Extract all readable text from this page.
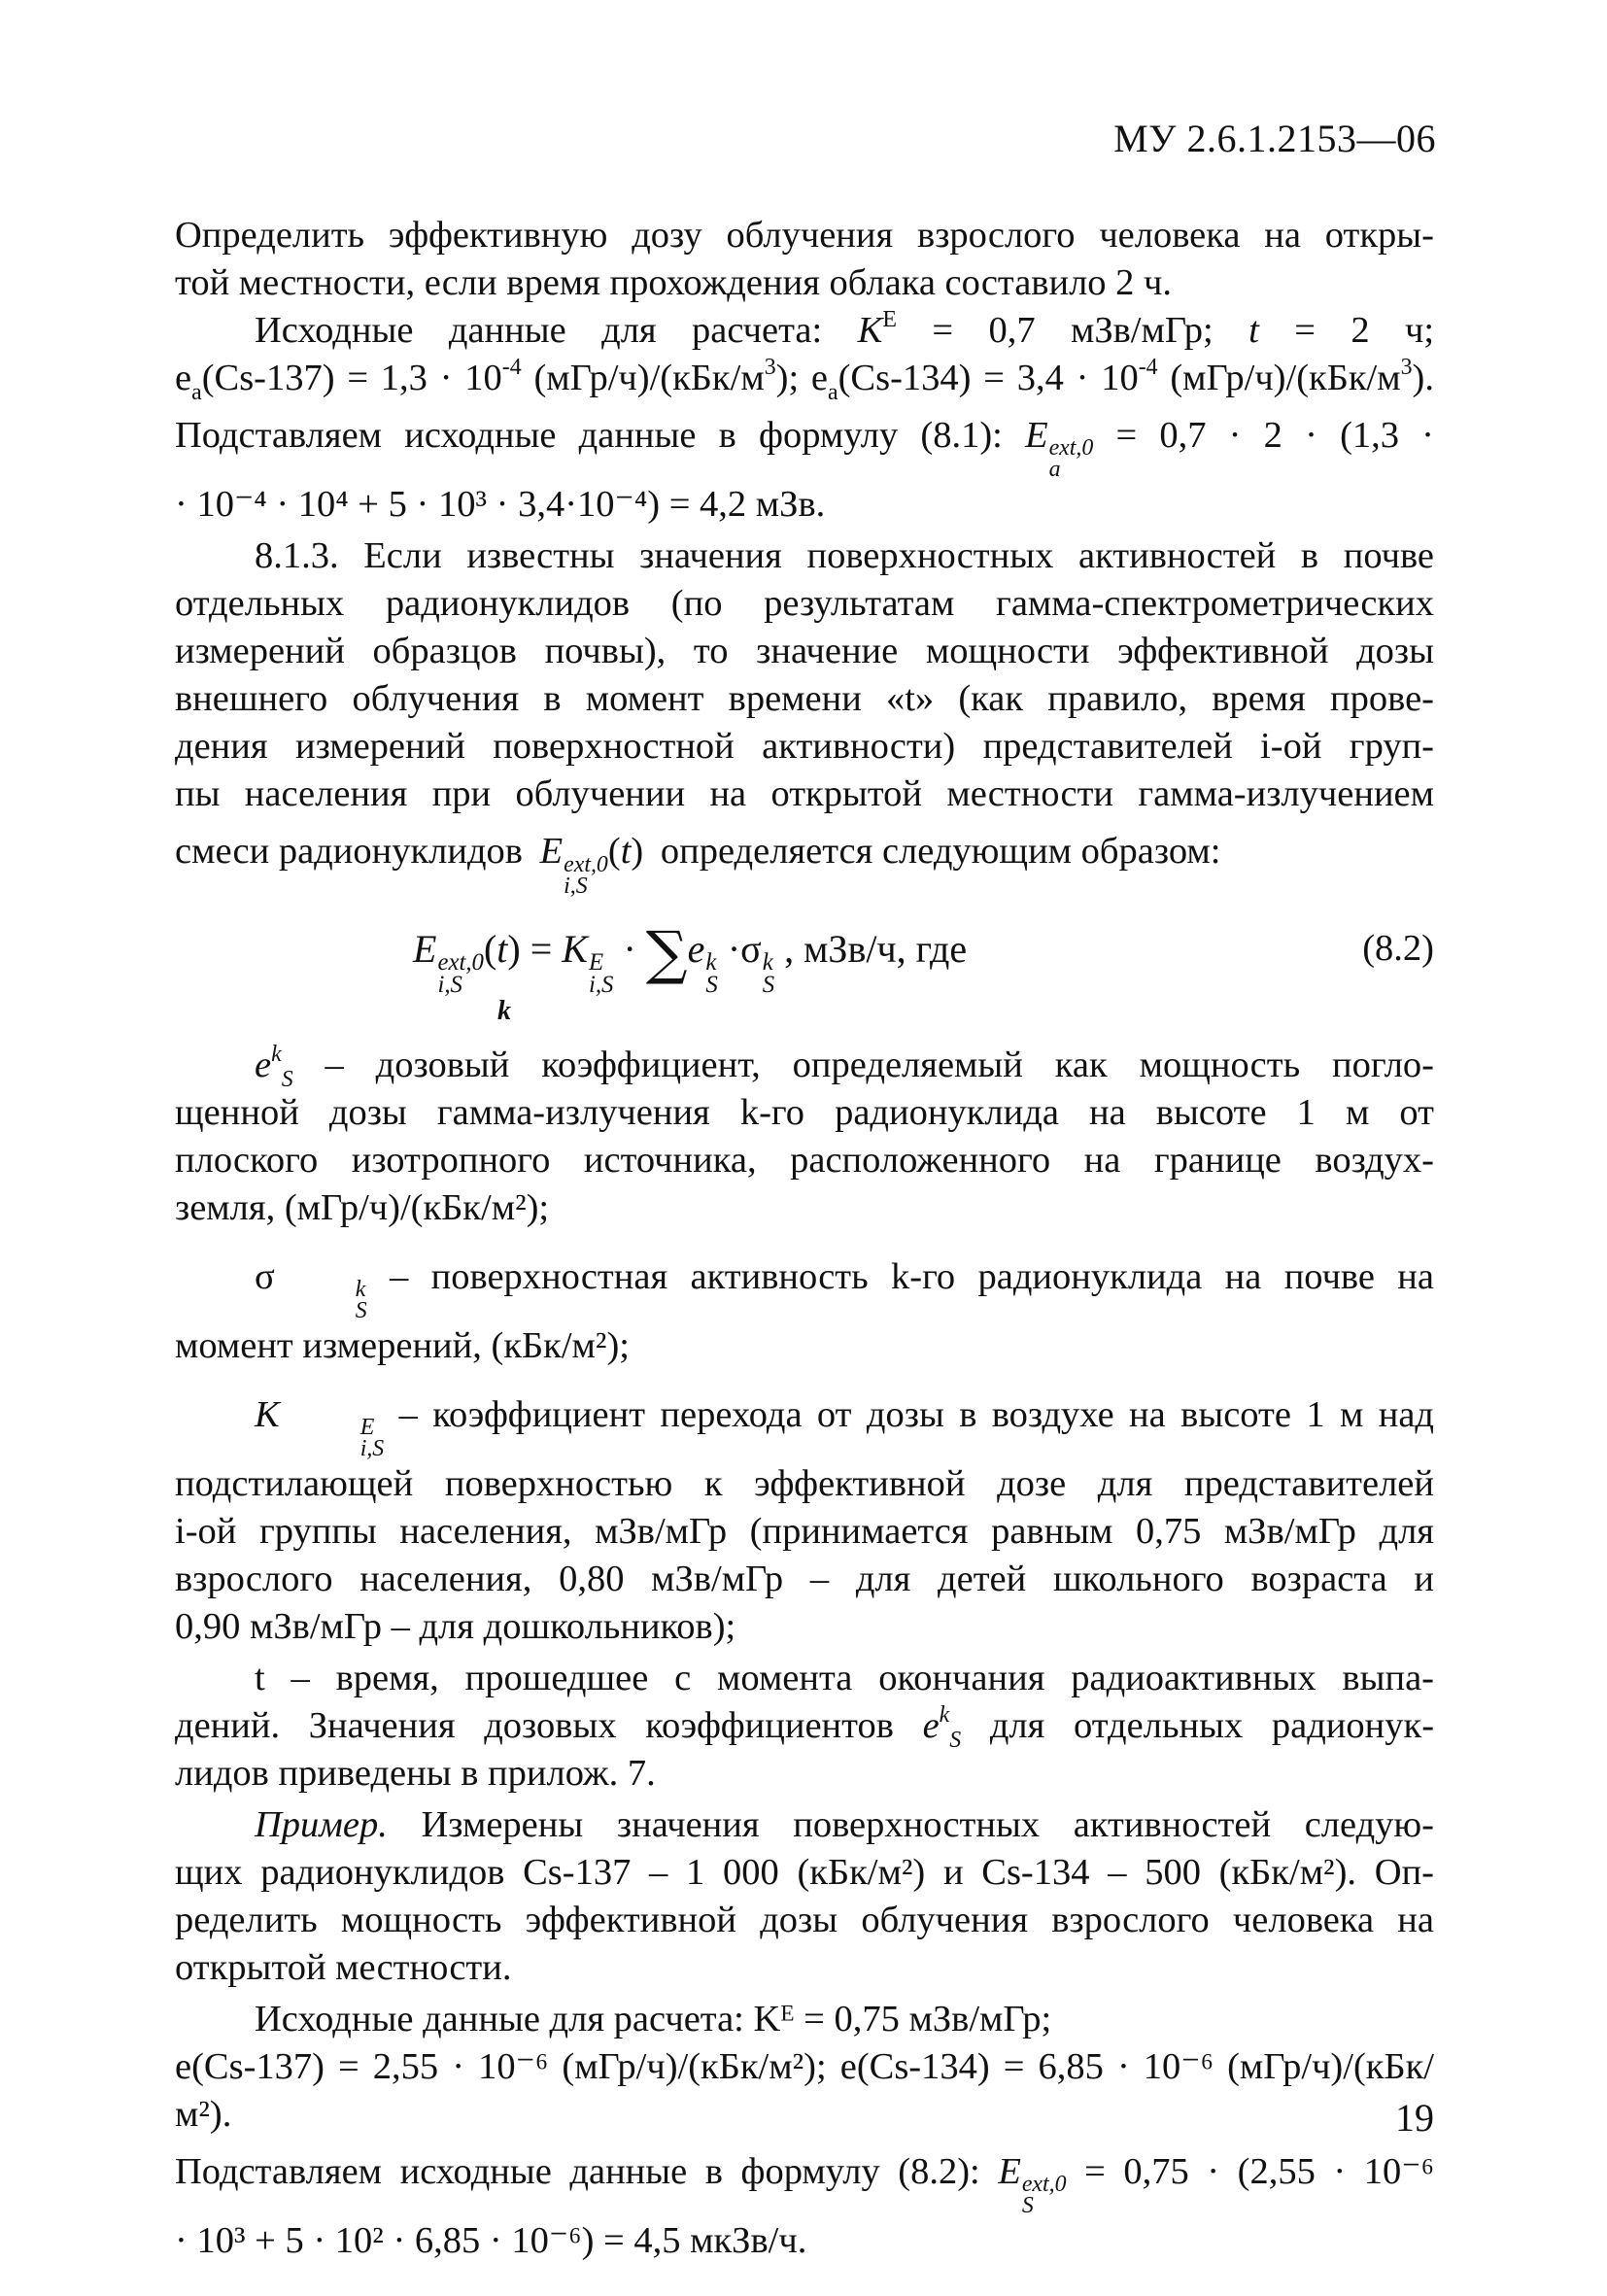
МУ 2.6.1.2153—06

Определить эффективную дозу облучения взрослого человека на откры-

той местности, если время прохождения облака составило 2 ч.

Исходные данные для расчета: $K^E = 0,7$ мЗв/мГр; t = 2 ч;

$e_a(Cs-137) = 1,3 \cdot 10^{-4}$ $(мГр/ч)/(кБк/м^3)$; $e_a(Cs-134) = 3,4 \cdot 10^{-4}$ $(мГр/ч)/(кБк/м^3)$.

Подставляем исходные данные в формулу (8.1): E ext,0
a
= 0,7 · 2 · (1,3 ·

· 10⁻⁴ · 10⁴ + 5 · 10³ · 3,4·10⁻⁴) = 4,2 мЗв.

8.1.3. Если известны значения поверхностных активностей в почве

отдельных радионуклидов (по результатам гамма-спектрометрических

измерений образцов почвы), то значение мощности эффективной дозы

внешнего облучения в момент времени «t» (как правило, время прове-

дения измерений поверхностной активности) представителей i-ой груп-

пы населения при облучении на открытой местности гамма-излучением

смеси радионуклидов E ext,0
i,S
(t) определяется следующим образом:

E ext,0
i,S
(t) = K E
i,S
· ∑e k
S
·σ k
S
, мЗв/ч, где
k
(8.2)

$e^k_S$ – дозовый коэффициент, определяемый как мощность погло-

щенной дозы гамма-излучения k-го радионуклида на высоте 1 м от

плоского изотропного источника, расположенного на границе воздух-

земля, (мГр/ч)/(кБк/м²);

σ	k
S
– поверхностная активность k-го радионуклида на почве на

момент измерений, (кБк/м²);

K	E
i,S
– коэффициент перехода от дозы в воздухе на высоте 1 м над

подстилающей поверхностью к эффективной дозе для представителей

i-ой группы населения, мЗв/мГр (принимается равным 0,75 мЗв/мГр для

взрослого населения, 0,80 мЗв/мГр – для детей школьного возраста и

0,90 мЗв/мГр – для дошкольников);

t – время, прошедшее с момента окончания радиоактивных выпа-

дений. Значения дозовых коэффициентов $e^k_S$ для отдельных радионук-

лидов приведены в прилож. 7.

Пример. Измерены значения поверхностных активностей следую-

щих радионуклидов Cs-137 – 1 000 (кБк/м²) и Cs-134 – 500 (кБк/м²). Оп-

ределить мощность эффективной дозы облучения взрослого человека на

открытой местности.

Исходные данные для расчета: Kᴱ = 0,75 мЗв/мГр;

e(Cs-137) = 2,55 · 10⁻⁶ (мГр/ч)/(кБк/м²); e(Cs-134) = 6,85 · 10⁻⁶ (мГр/ч)/(кБк/м²).

Подставляем исходные данные в формулу (8.2): E ext,0
S
= 0,75 · (2,55 · 10⁻⁶

· 10³ + 5 · 10² · 6,85 · 10⁻⁶) = 4,5 мкЗв/ч.

19
